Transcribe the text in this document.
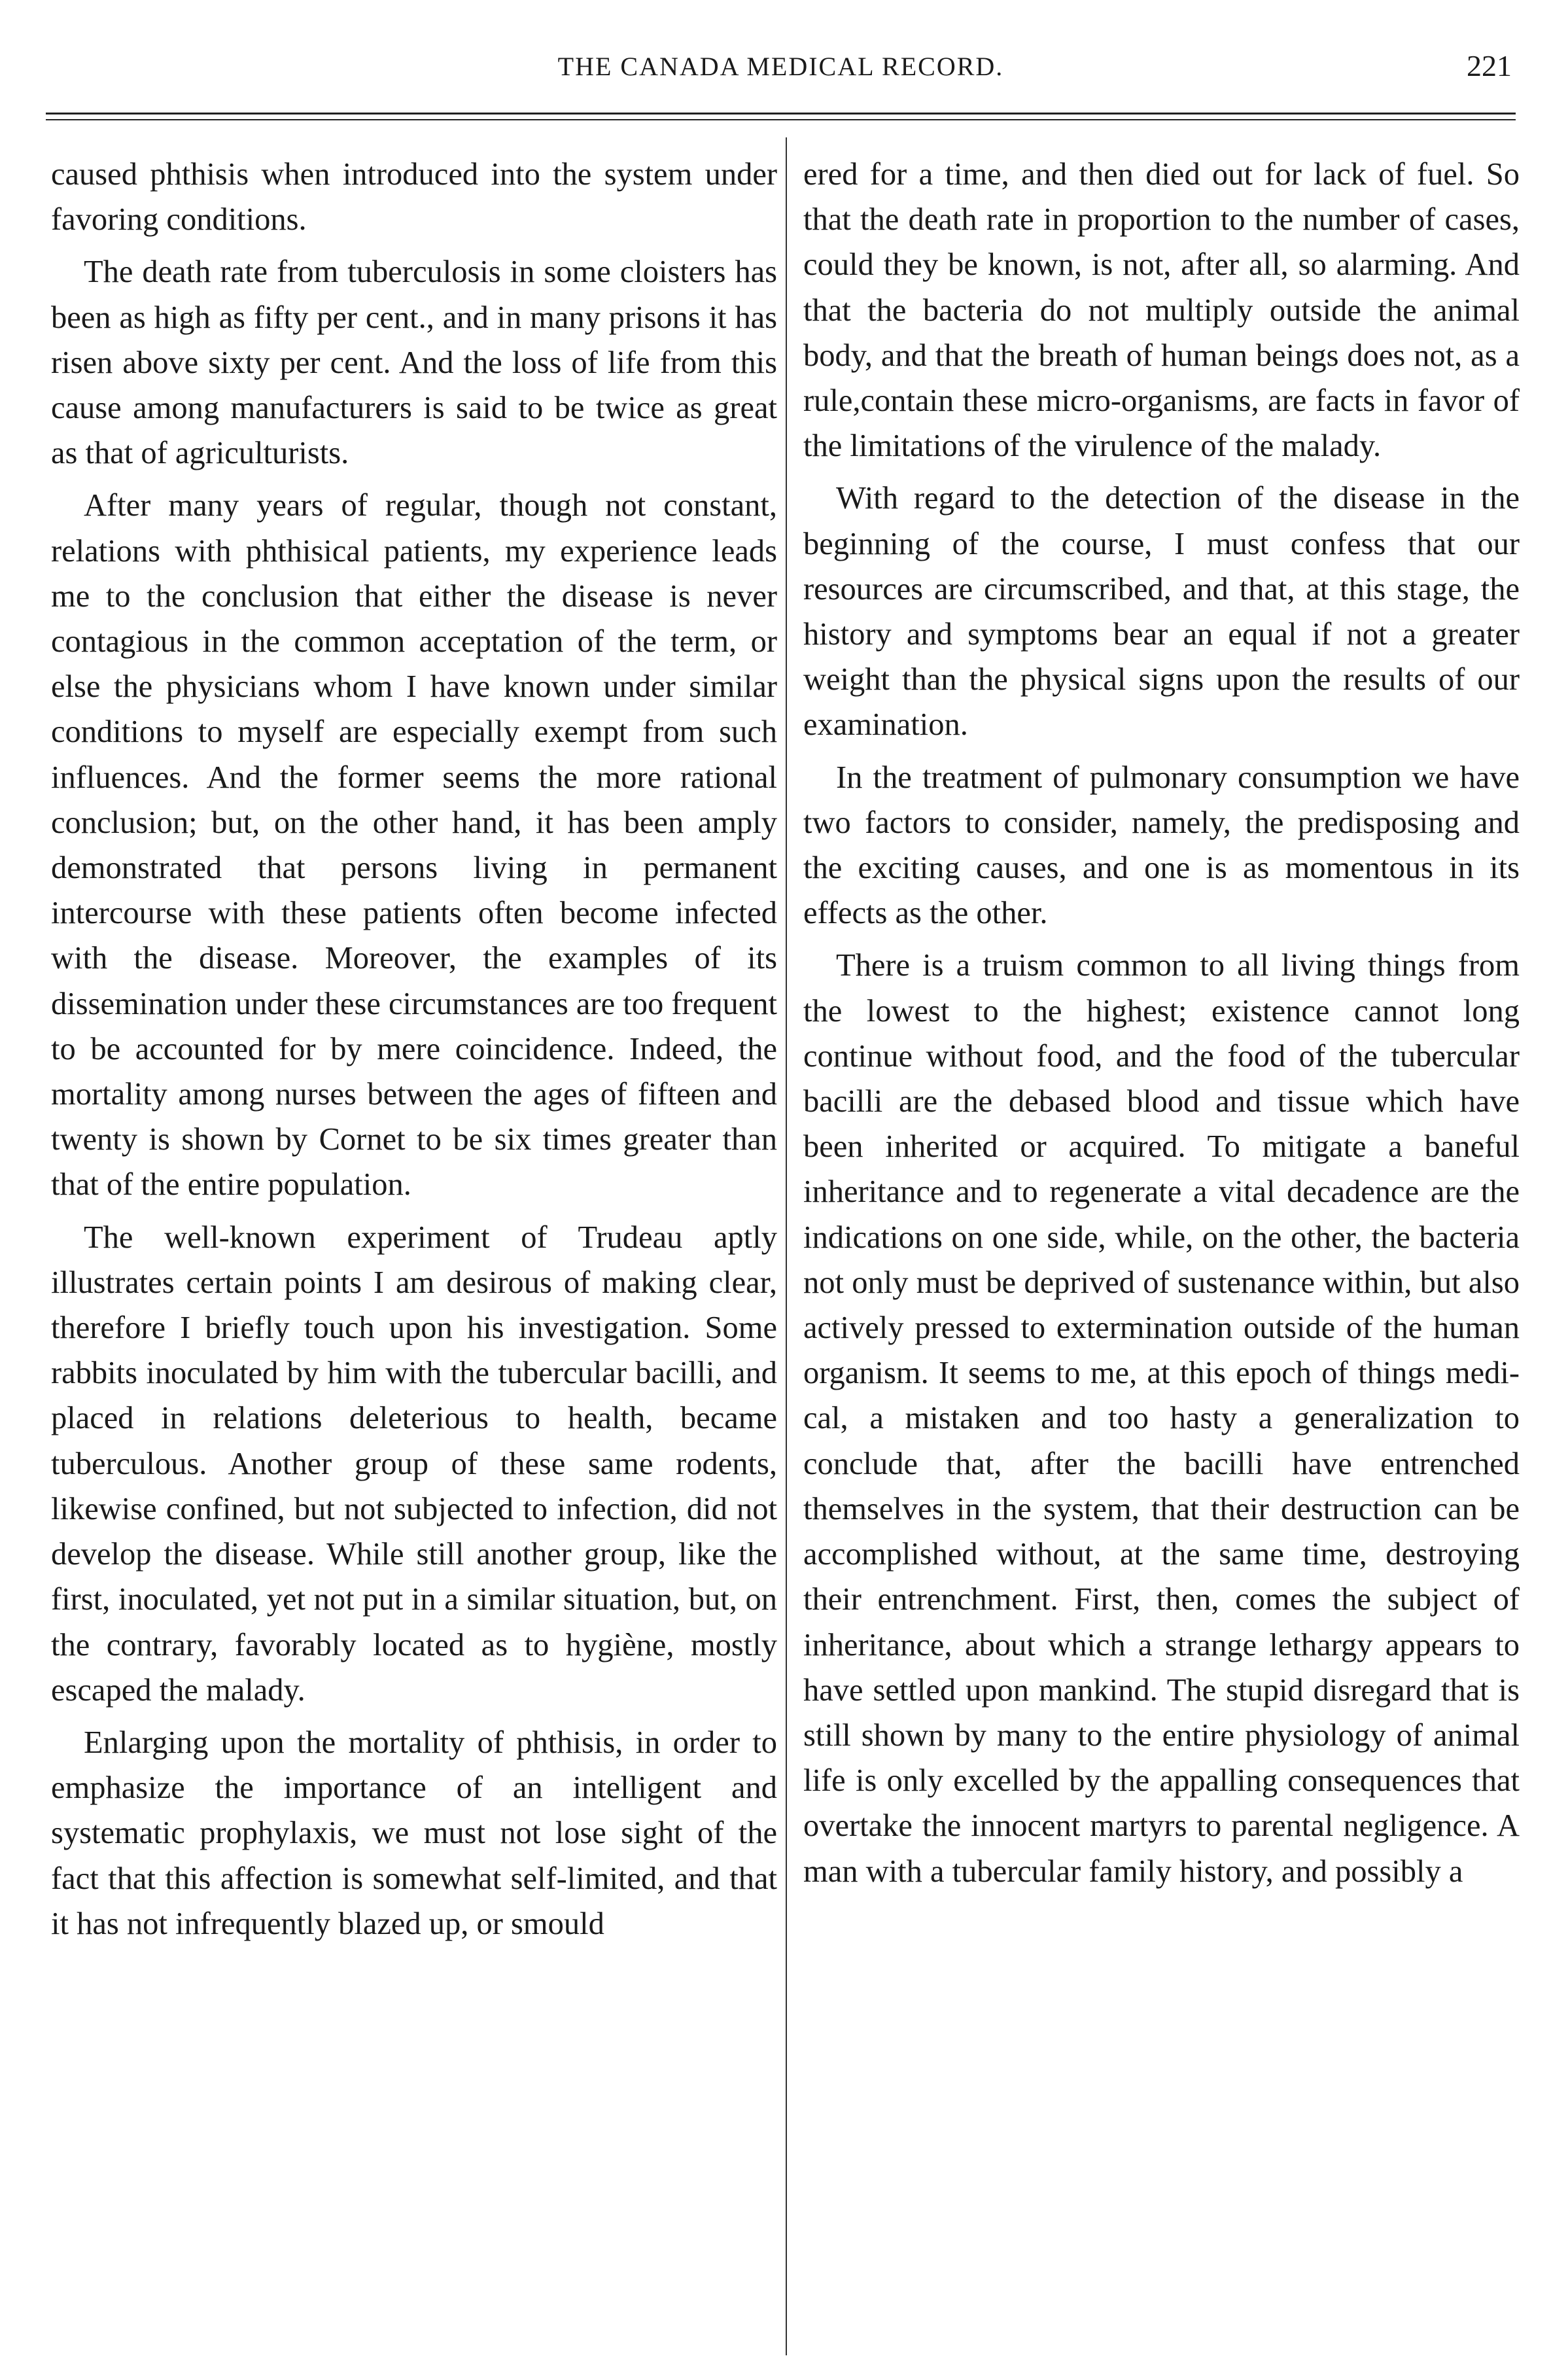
THE CANADA MEDICAL RECORD.	221

caused phthisis when introduced into the system under favoring conditions.

The death rate from tuberculosis in some cloisters has been as high as fifty per cent., and in many prisons it has risen above sixty per cent. And the loss of life from this cause among manufacturers is said to be twice as great as that of agriculturists.

After many years of regular, though not constant, relations with phthisical patients, my experience leads me to the conclusion that either the disease is never contagious in the common acceptation of the term, or else the physicians whom I have known under similar conditions to myself are especially exempt from such influences. And the former seems the more rational conclusion; but, on the other hand, it has been amply demonstrated that persons living in permanent intercourse with these patients often become infected with the disease. Moreover, the examples of its dissemination under these circumstances are too frequent to be accounted for by mere coincidence. Indeed, the mortality among nurses between the ages of fifteen and twenty is shown by Cornet to be six times greater than that of the entire population.

The well-known experiment of Trudeau aptly illustrates certain points I am desirous of making clear, therefore I briefly touch upon his investigation. Some rabbits inoculated by him with the tubercular bacilli, and placed in relations deleterious to health, became tuberculous. Another group of these same rodents, likewise confined, but not subjected to infection, did not develop the disease. While still another group, like the first, inoculated, yet not put in a similar situation, but, on the contrary, favorably located as to hygiène, mostly escaped the malady.

Enlarging upon the mortality of phthisis, in order to emphasize the importance of an intelligent and systematic prophylaxis, we must not lose sight of the fact that this affection is somewhat self-limited, and that it has not infrequently blazed up, or smould

ered for a time, and then died out for lack of fuel. So that the death rate in proportion to the number of cases, could they be known, is not, after all, so alarming. And that the bacteria do not multiply outside the animal body, and that the breath of human beings does not, as a rule,contain these micro-organisms, are facts in favor of the limitations of the virulence of the malady.

With regard to the detection of the disease in the beginning of the course, I must confess that our resources are circumscribed, and that, at this stage, the history and symptoms bear an equal if not a greater weight than the physical signs upon the results of our examination.

In the treatment of pulmonary consumption we have two factors to consider, namely, the predisposing and the exciting causes, and one is as momentous in its effects as the other.

There is a truism common to all living things from the lowest to the highest; existence cannot long continue without food, and the food of the tubercular bacilli are the debased blood and tissue which have been inherited or acquired. To mitigate a baneful inheritance and to regenerate a vital decadence are the indications on one side, while, on the other, the bacteria not only must be deprived of sustenance within, but also actively pressed to extermination outside of the human organism. It seems to me, at this epoch of things medical, a mistaken and too hasty a generalization to conclude that, after the bacilli have entrenched themselves in the system, that their destruction can be accomplished without, at the same time, destroying their entrenchment. First, then, comes the subject of inheritance, about which a strange lethargy appears to have settled upon mankind. The stupid disregard that is still shown by many to the entire physiology of animal life is only excelled by the appalling consequences that overtake the innocent martyrs to parental negligence. A man with a tubercular family history, and possibly a
